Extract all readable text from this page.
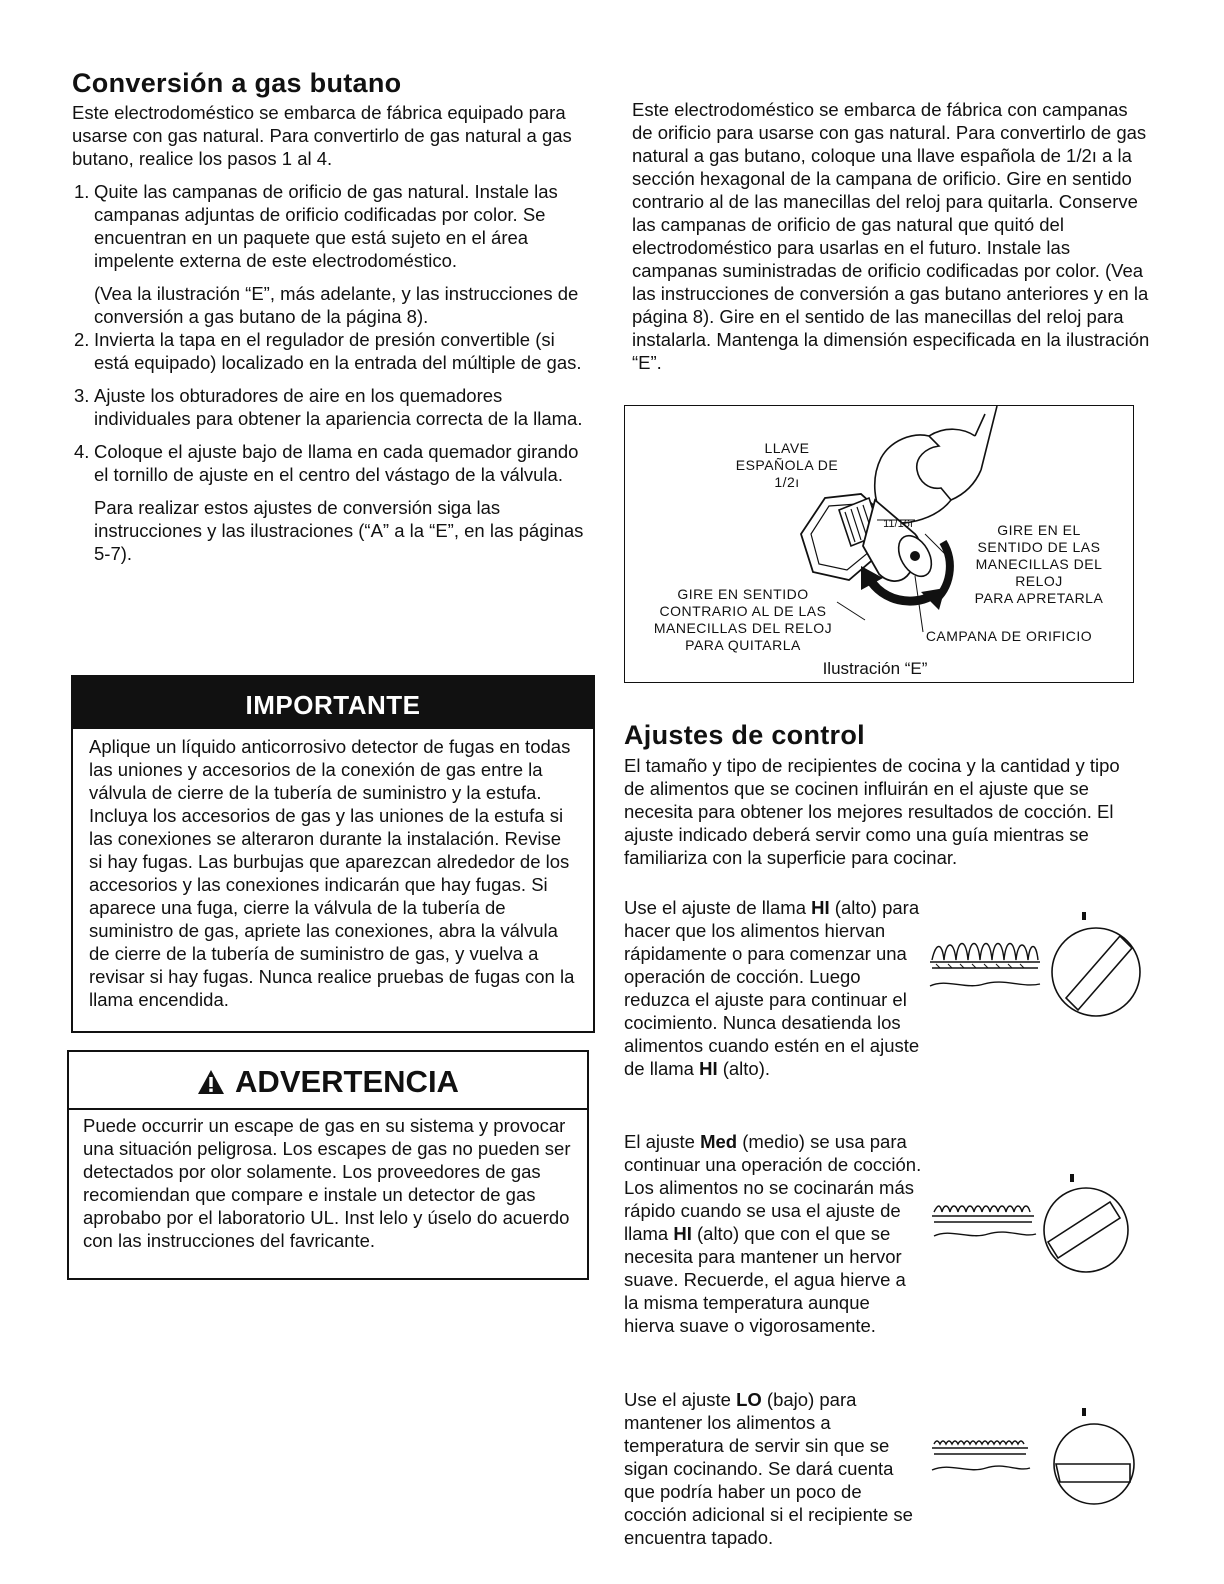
Conversión a gas butano

Este electrodoméstico se embarca de fábrica equipado para usarse con gas natural. Para convertirlo de gas natural a gas butano, realice los pasos 1 al 4.

1. Quite las campanas de orificio de gas natural. Instale las campanas adjuntas de orificio codificadas por color. Se encuentran en un paquete que está sujeto en el área impelente externa de este electrodoméstico.
(Vea la ilustración “E”, más adelante, y las instrucciones de conversión a gas butano de la página 8).
2. Invierta la tapa en el regulador de presión convertible (si está equipado) localizado en la entrada del múltiple de gas.
3. Ajuste los obturadores de aire en los quemadores individuales para obtener la apariencia correcta de la llama.
4. Coloque el ajuste bajo de llama en cada quemador girando el tornillo de ajuste en el centro del vástago de la válvula.
Para realizar estos ajustes de conversión siga las instrucciones y las ilustraciones (“A” a la “E”, en las páginas 5-7).
IMPORTANTE
Aplique un líquido anticorrosivo detector de fugas en todas las uniones y accesorios de la conexión de gas entre la válvula de cierre de la tubería de suministro y la estufa. Incluya los accesorios de gas y las uniones de la estufa si las conexiones se alteraron durante la instalación. Revise si hay fugas. Las burbujas que aparezcan alrededor de los accesorios y las conexiones indicarán que hay fugas. Si aparece una fuga, cierre la válvula de la tubería de suministro de gas, apriete las conexiones, abra la válvula de cierre de la tubería de suministro de gas, y vuelva a revisar si hay fugas. Nunca realice pruebas de fugas con la llama encendida.
ADVERTENCIA
Puede occurrir un escape de gas en su sistema y provocar una situación peligrosa. Los escapes de gas no pueden ser detectados por olor solamente. Los proveedores de gas recomiendan que compare e instale un detector de gas aprobabo por el laboratorio UL. Inst lelo y úselo do acuerdo con las instrucciones del favricante.

Este electrodoméstico se embarca de fábrica con campanas de orificio para usarse con gas natural. Para convertirlo de gas natural a gas butano, coloque una llave española de 1/2ı a la sección hexagonal de la campana de orificio. Gire en sentido contrario al de las manecillas del reloj para quitarla. Conserve las campanas de orificio de gas natural que quitó del electrodoméstico para usarlas en el futuro. Instale las campanas suministradas de orificio codificadas por color. (Vea las instrucciones de conversión a gas butano anteriores y en la página 8). Gire en el sentido de las manecillas del reloj para instalarla. Mantenga la dimensión especificada en la ilustración “E”.

LLAVE
ESPAÑOLA DE
1/2ı
11/16ı	GIRE EN EL
SENTIDO DE LAS
MANECILLAS DEL
RELOJ
PARA APRETARLA
GIRE EN SENTIDO
CONTRARIO AL DE LAS
MANECILLAS DEL RELOJ
PARA QUITARLA
CAMPANA DE ORIFICIO
Ilustración “E”
Ajustes de control

El tamaño y tipo de recipientes de cocina y la cantidad y tipo de alimentos que se cocinen influirán en el ajuste que se necesita para obtener los mejores resultados de cocción. El ajuste indicado deberá servir como una guía mientras se familiariza con la superficie para cocinar.

Use el ajuste de llama HI (alto) para hacer que los alimentos hiervan rápidamente o para comenzar una operación de cocción. Luego reduzca el ajuste para continuar el cocimiento. Nunca desatienda los alimentos cuando estén en el ajuste de llama HI (alto).

El ajuste Med (medio) se usa para continuar una operación de cocción. Los alimentos no se cocinarán más rápido cuando se usa el ajuste de llama HI (alto) que con el que se necesita para mantener un hervor suave. Recuerde, el agua hierve a la misma temperatura aunque hierva suave o vigorosamente.

Use el ajuste LO (bajo) para mantener los alimentos a temperatura de servir sin que se sigan cocinando. Se dará cuenta que podría haber un poco de cocción adicional si el recipiente se encuentra tapado.
